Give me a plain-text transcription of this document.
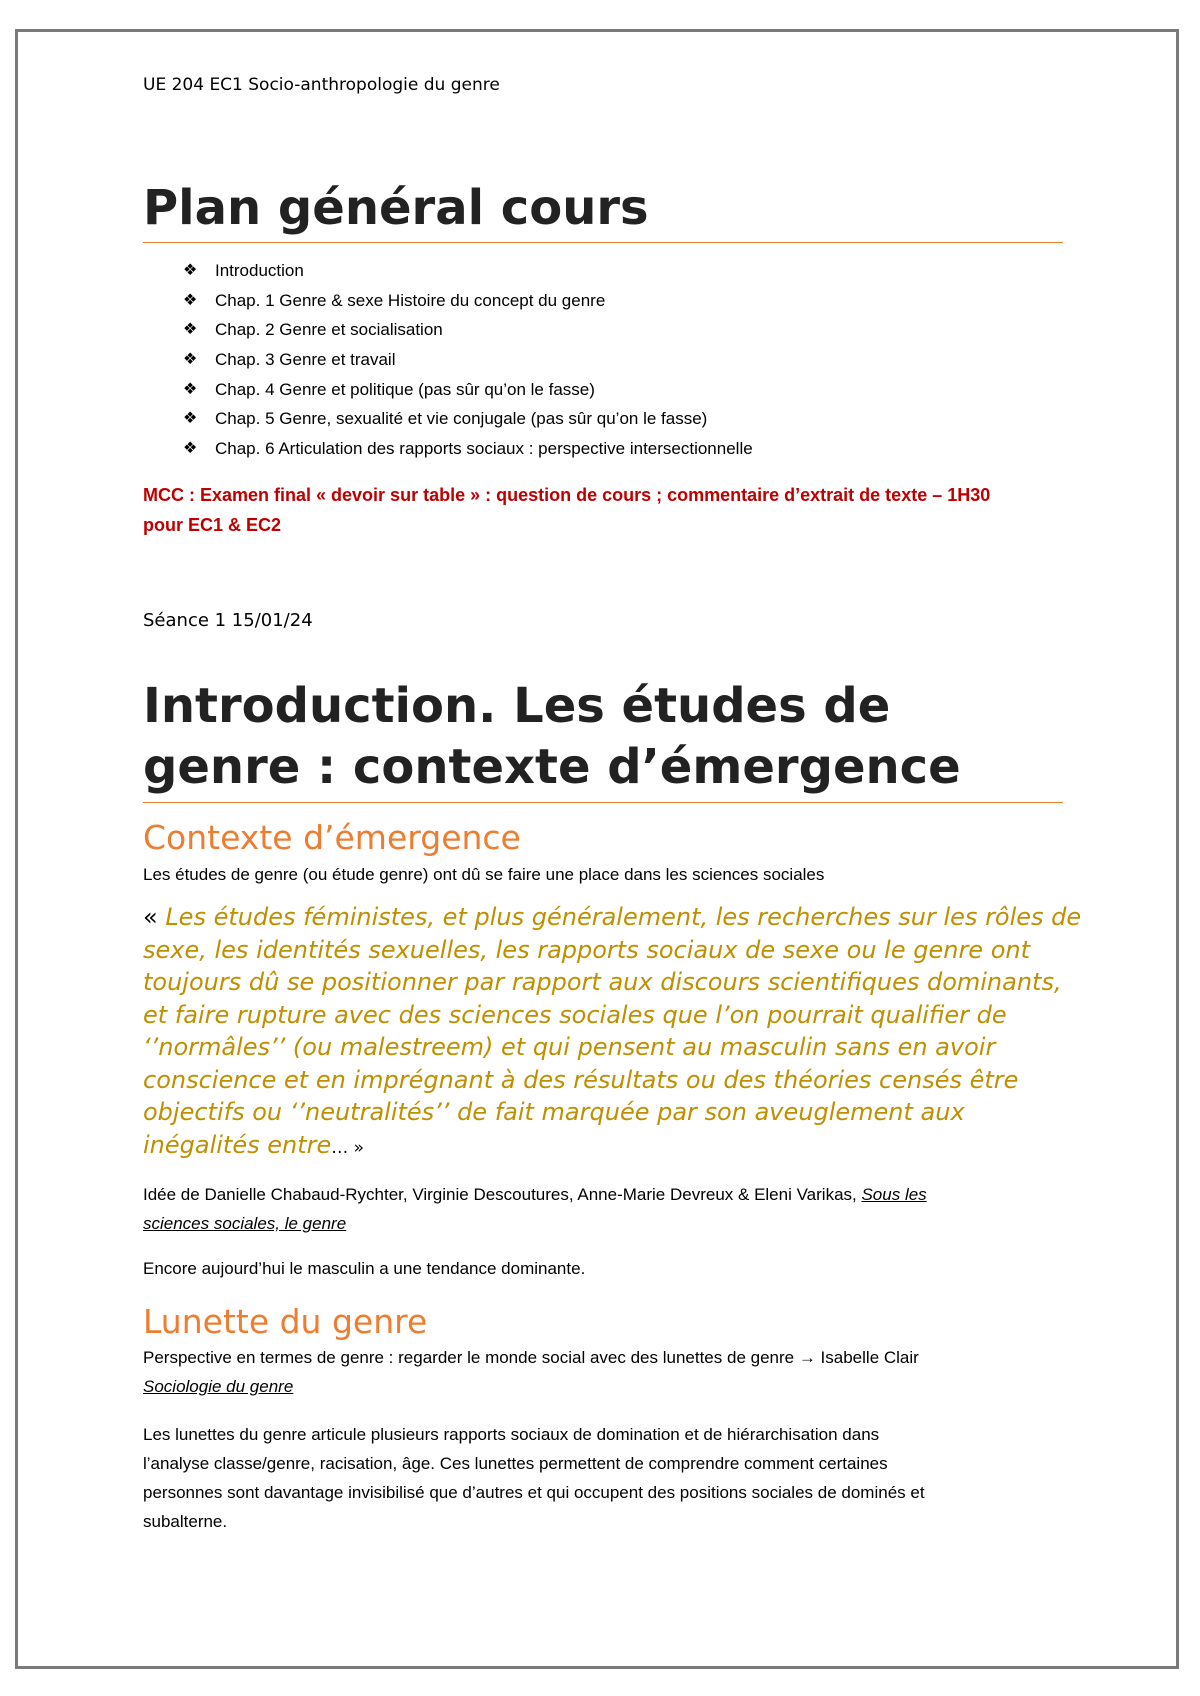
UE 204 EC1 Socio-anthropologie du genre
Plan général cours
❖	Introduction
❖	Chap. 1 Genre & sexe Histoire du concept du genre
❖	Chap. 2 Genre et socialisation
❖	Chap. 3 Genre et travail
❖	Chap. 4 Genre et politique (pas sûr qu’on le fasse)
❖	Chap. 5 Genre, sexualité et vie conjugale (pas sûr qu’on le fasse)
❖	Chap. 6 Articulation des rapports sociaux : perspective intersectionnelle
MCC : Examen final « devoir sur table » : question de cours ; commentaire d’extrait de texte – 1H30
pour EC1 & EC2
Séance 1 15/01/24
Introduction. Les études de
genre : contexte d’émergence
Contexte d’émergence

Les études de genre (ou étude genre) ont dû se faire une place dans les sciences sociales

« Les études féministes, et plus généralement, les recherches sur les rôles de sexe, les identités sexuelles, les rapports sociaux de sexe ou le genre ont toujours dû se positionner par rapport aux discours scientifiques dominants, et faire rupture avec des sciences sociales que l’on pourrait qualifier de ‘’normâles’’ (ou malestreem) et qui pensent au masculin sans en avoir conscience et en imprégnant à des résultats ou des théories censés être objectifs ou ‘’neutralités’’ de fait marquée par son aveuglement aux inégalités entre… »

Idée de Danielle Chabaud-Rychter, Virginie Descoutures, Anne-Marie Devreux & Eleni Varikas, Sous les
sciences sociales, le genre

Encore aujourd’hui le masculin a une tendance dominante.

Lunette du genre

Perspective en termes de genre : regarder le monde social avec des lunettes de genre → Isabelle Clair
Sociologie du genre

Les lunettes du genre articule plusieurs rapports sociaux de domination et de hiérarchisation dans
l’analyse classe/genre, racisation, âge. Ces lunettes permettent de comprendre comment certaines
personnes sont davantage invisibilisé que d’autres et qui occupent des positions sociales de dominés et
subalterne.
